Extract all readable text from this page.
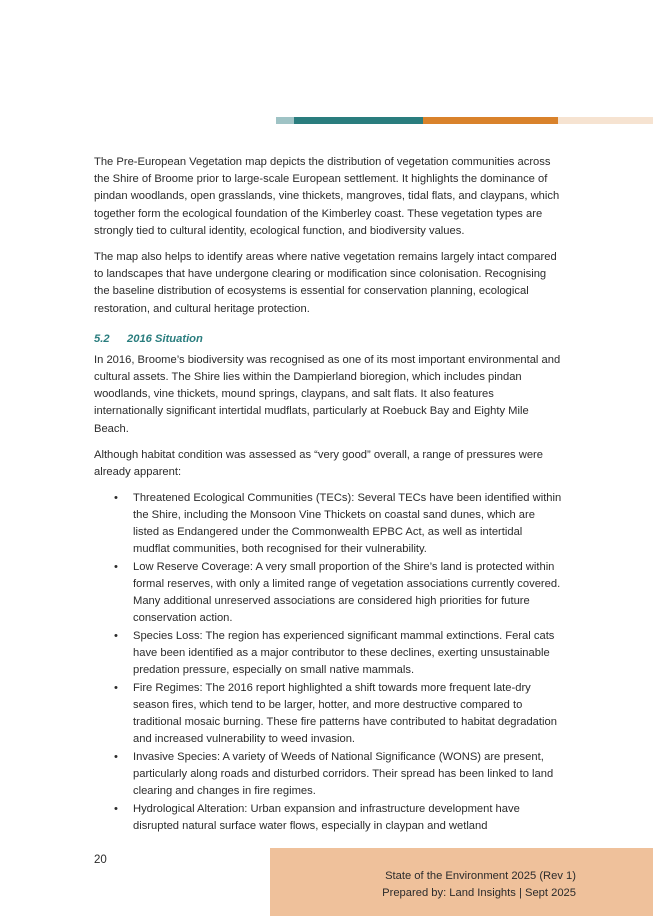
The Pre-European Vegetation map depicts the distribution of vegetation communities across the Shire of Broome prior to large-scale European settlement. It highlights the dominance of pindan woodlands, open grasslands, vine thickets, mangroves, tidal flats, and claypans, which together form the ecological foundation of the Kimberley coast. These vegetation types are strongly tied to cultural identity, ecological function, and biodiversity values.

The map also helps to identify areas where native vegetation remains largely intact compared to landscapes that have undergone clearing or modification since colonisation. Recognising the baseline distribution of ecosystems is essential for conservation planning, ecological restoration, and cultural heritage protection.

5.2 2016 Situation

In 2016, Broome’s biodiversity was recognised as one of its most important environmental and cultural assets. The Shire lies within the Dampierland bioregion, which includes pindan woodlands, vine thickets, mound springs, claypans, and salt flats. It also features internationally significant intertidal mudflats, particularly at Roebuck Bay and Eighty Mile Beach.

Although habitat condition was assessed as “very good” overall, a range of pressures were already apparent:

• Threatened Ecological Communities (TECs): Several TECs have been identified within the Shire, including the Monsoon Vine Thickets on coastal sand dunes, which are listed as Endangered under the Commonwealth EPBC Act, as well as intertidal mudflat communities, both recognised for their vulnerability.
• Low Reserve Coverage: A very small proportion of the Shire’s land is protected within formal reserves, with only a limited range of vegetation associations currently covered. Many additional unreserved associations are considered high priorities for future conservation action.
• Species Loss: The region has experienced significant mammal extinctions. Feral cats have been identified as a major contributor to these declines, exerting unsustainable predation pressure, especially on small native mammals.
• Fire Regimes: The 2016 report highlighted a shift towards more frequent late-dry season fires, which tend to be larger, hotter, and more destructive compared to traditional mosaic burning. These fire patterns have contributed to habitat degradation and increased vulnerability to weed invasion.
• Invasive Species: A variety of Weeds of National Significance (WONS) are present, particularly along roads and disturbed corridors. Their spread has been linked to land clearing and changes in fire regimes.
• Hydrological Alteration: Urban expansion and infrastructure development have disrupted natural surface water flows, especially in claypan and wetland
20
State of the Environment 2025 (Rev 1)
Prepared by: Land Insights | Sept 2025
